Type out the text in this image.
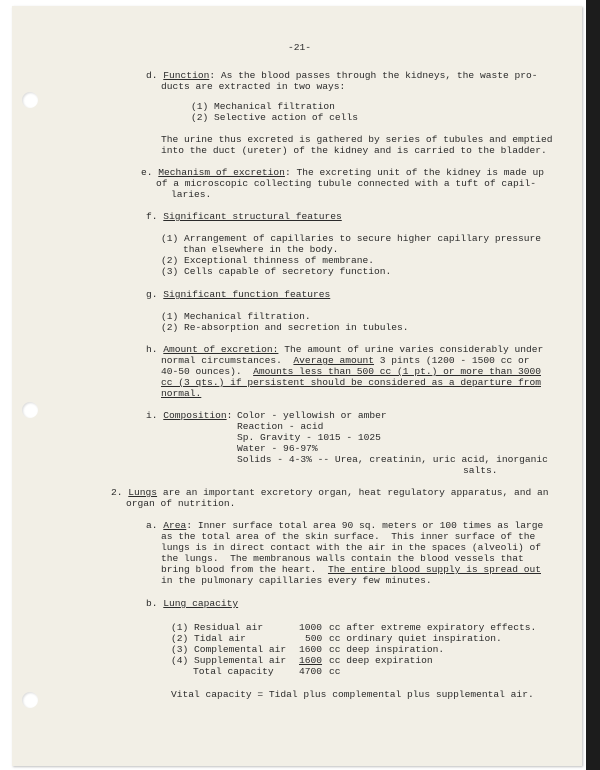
-21-
d. Function: As the blood passes through the kidneys, the waste pro-
ducts are extracted in two ways:
(1) Mechanical filtration
(2) Selective action of cells
The urine thus excreted is gathered by series of tubules and emptied
into the duct (ureter) of the kidney and is carried to the bladder.
e. Mechanism of excretion: The excreting unit of the kidney is made up
of a microscopic collecting tubule connected with a tuft of capil-
laries.
f. Significant structural features
(1) Arrangement of capillaries to secure higher capillary pressure
than elsewhere in the body.
(2) Exceptional thinness of membrane.
(3) Cells capable of secretory function.
g. Significant function features
(1) Mechanical filtration.
(2) Re-absorption and secretion in tubules.
h. Amount of excretion: The amount of urine varies considerably under
normal circumstances.  Average amount 3 pints (1200 - 1500 cc or
40-50 ounces).  Amounts less than 500 cc (1 pt.) or more than 3000
cc (3 qts.) if persistent should be considered as a departure from
normal.
i. Composition: Color - yellowish or amber
Reaction - acid
Sp. Gravity - 1015 - 1025
Water - 96-97%
Solids - 4-3% -- Urea, creatinin, uric acid, inorganic
salts.
2. Lungs are an important excretory organ, heat regulatory apparatus, and an
organ of nutrition.
a. Area: Inner surface total area 90 sq. meters or 100 times as large
as the total area of the skin surface.  This inner surface of the
lungs is in direct contact with the air in the spaces (alveoli) of
the lungs.  The membranous walls contain the blood vessels that
bring blood from the heart.  The entire blood supply is spread out
in the pulmonary capillaries every few minutes.
b. Lung capacity
(1) Residual air	1000 cc after extreme expiratory effects.
(2) Tidal air	500 cc ordinary quiet inspiration.
(3) Complemental air 1600 cc deep inspiration.
(4) Supplemental air 1600 cc deep expiration
Total capacity	4700 cc
Vital capacity = Tidal plus complemental plus supplemental air.
